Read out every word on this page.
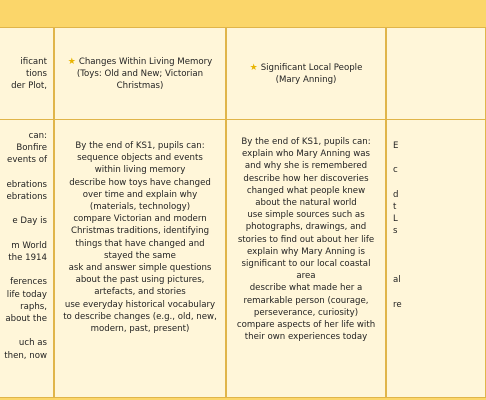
ificant
tions
der Plot,
can:
Bonfire
events of

ebrations
ebrations

e Day is

m World
the 1914

ferences
life today
raphs,
about the

uch as
then, now
★ Changes Within Living Memory
(Toys: Old and New; Victorian
Christmas)
By the end of KS1, pupils can:
sequence objects and events within living memory
describe how toys have changed over time and explain why (materials, technology)
compare Victorian and modern Christmas traditions, identifying things that have changed and stayed the same
ask and answer simple questions about the past using pictures, artefacts, and stories
use everyday historical vocabulary to describe changes (e.g., old, new, modern, past, present)
★ Significant Local People
(Mary Anning)
By the end of KS1, pupils can:
explain who Mary Anning was and why she is remembered
describe how her discoveries changed what people knew about the natural world
use simple sources such as photographs, drawings, and stories to find out about her life
explain why Mary Anning is significant to our local coastal area
describe what made her a remarkable person (courage, perseverance, curiosity)
compare aspects of her life with their own experiences today
E

c

d
t
L
s

al

re
